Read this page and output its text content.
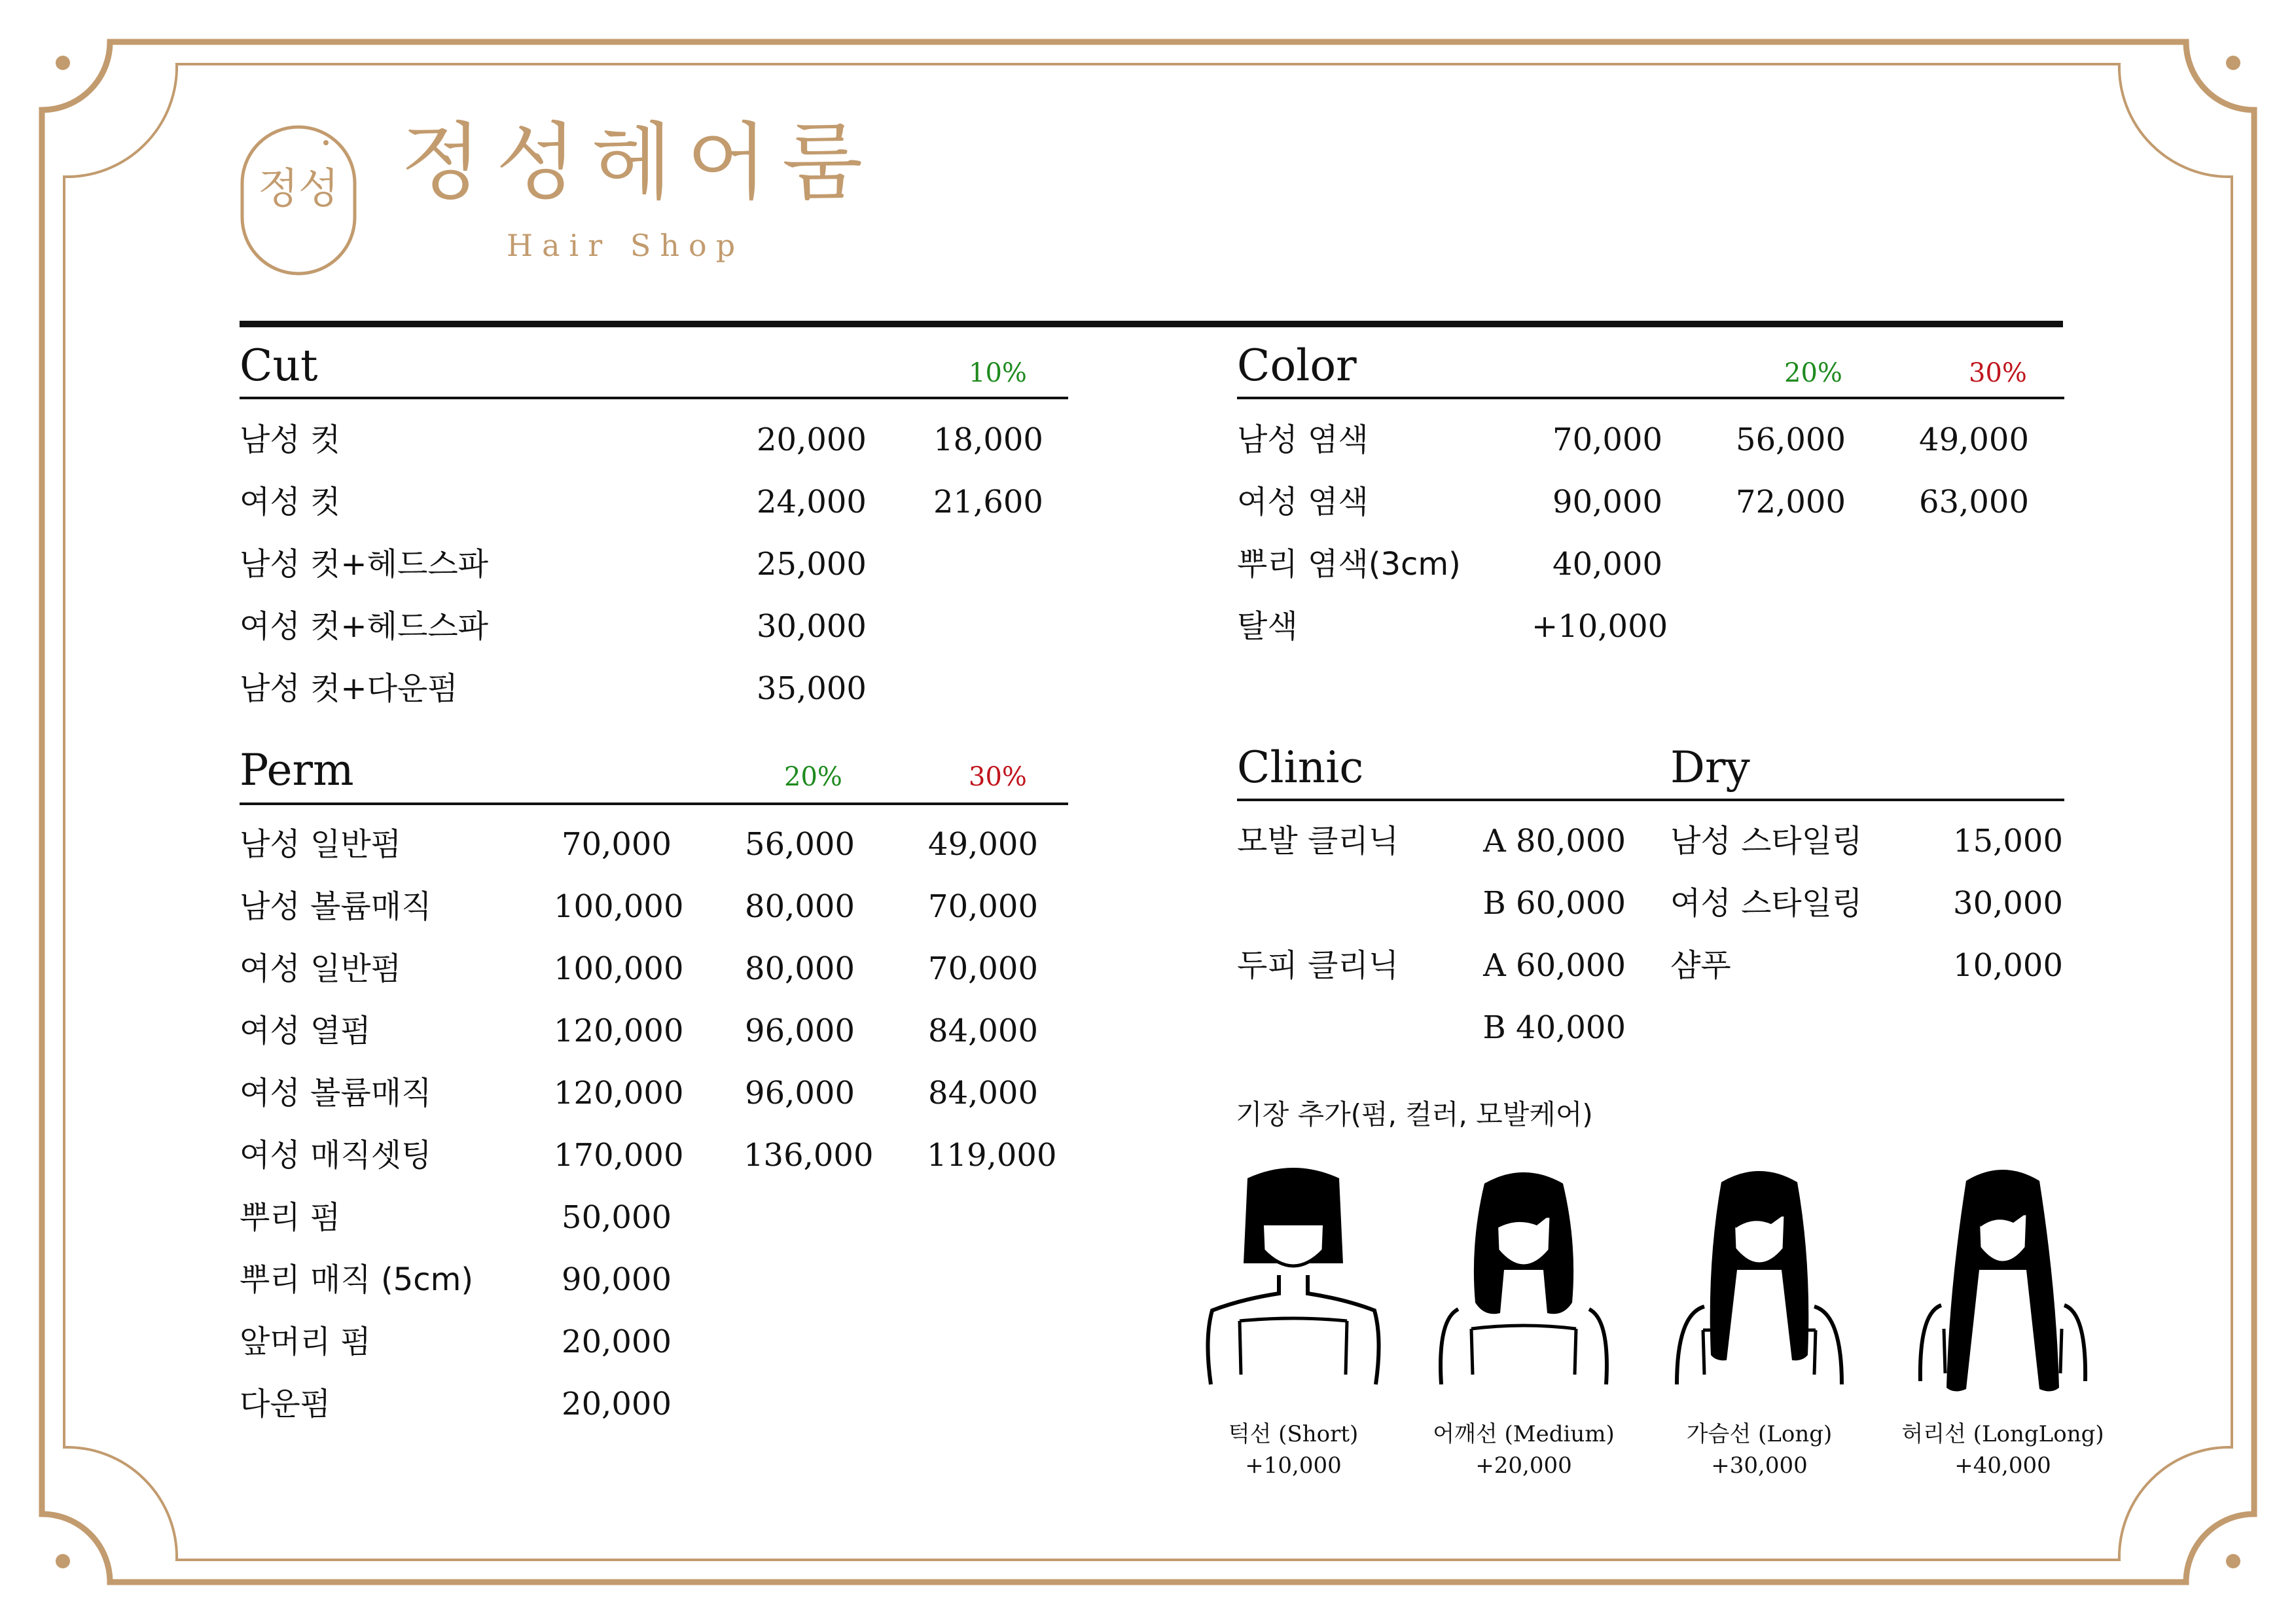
정성 정성헤어룸
Hair Shop
Cut	10%
남성 컷	20,000 18,000
여성 컷	24,000 21,600
남성 컷+헤드스파	25,000
여성 컷+헤드스파	30,000
남성 컷+다운펌	35,000
Perm	20%	30%
남성 일반펌	70,000 56,000 49,000
남성 볼륨매직	100,000 80,000 70,000
여성 일반펌	100,000 80,000 70,000
여성 열펌	120,000 96,000 84,000
여성 볼륨매직	120,000 96,000 84,000
여성 매직셋팅	170,000 136,000 119,000
뿌리 펌	50,000
뿌리 매직 (5cm)	90,000
앞머리 펌	20,000
다운펌	20,000
Color	20%	30%
남성 염색	70,000 56,000 49,000
여성 염색	90,000 72,000 63,000
뿌리 염색(3cm)	40,000
탈색	+10,000
Clinic	Dry
모발 클리닉	A 80,000
B 60,000
두피 클리닉	A 60,000
B 40,000
남성 스타일링	15,000
여성 스타일링	30,000
샴푸	10,000
기장 추가(펌, 컬러, 모발케어)
턱선 (Short)
+10,000
어깨선 (Medium)
+20,000
가슴선 (Long)
+30,000
허리선 (LongLong)
+40,000
